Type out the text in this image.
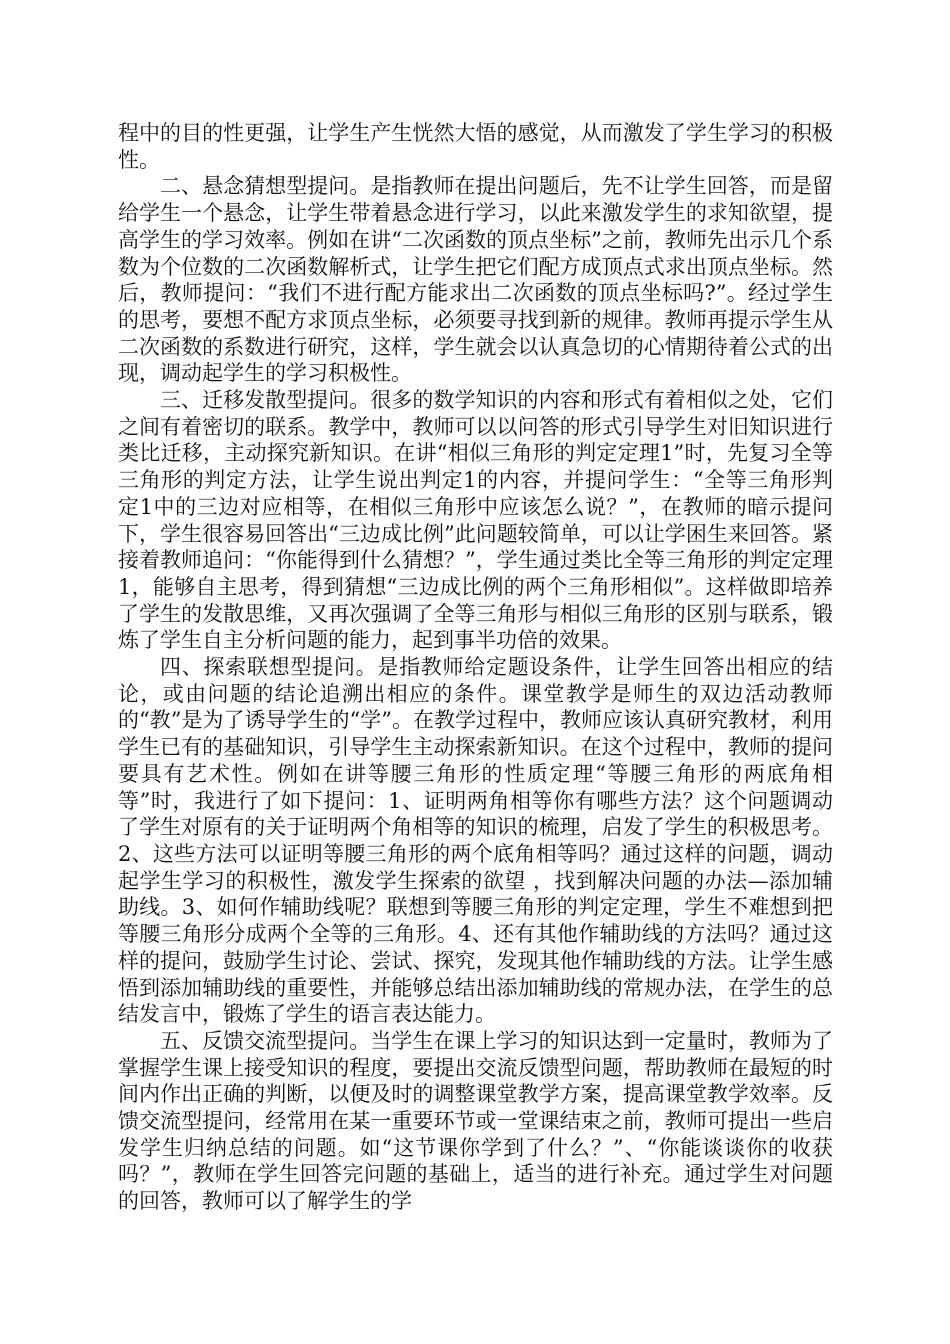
程中的目的性更强，让学生产生恍然大悟的感觉，从而激发了学生学习的积极性。

二、悬念猜想型提问。是指教师在提出问题后，先不让学生回答，而是留给学生一个悬念，让学生带着悬念进行学习，以此来激发学生的求知欲望，提高学生的学习效率。例如在讲“二次函数的顶点坐标”之前，教师先出示几个系数为个位数的二次函数解析式，让学生把它们配方成顶点式求出顶点坐标。然后，教师提问：“我们不进行配方能求出二次函数的顶点坐标吗?”。经过学生的思考，要想不配方求顶点坐标，必须要寻找到新的规律。教师再提示学生从二次函数的系数进行研究，这样，学生就会以认真急切的心情期待着公式的出现，调动起学生的学习积极性。

三、迁移发散型提问。很多的数学知识的内容和形式有着相似之处，它们之间有着密切的联系。教学中，教师可以以问答的形式引导学生对旧知识进行类比迁移，主动探究新知识。在讲“相似三角形的判定定理1”时，先复习全等三角形的判定方法，让学生说出判定1的内容，并提问学生：“全等三角形判定1中的三边对应相等，在相似三角形中应该怎么说？”，在教师的暗示提问下，学生很容易回答出“三边成比例”此问题较简单，可以让学困生来回答。紧接着教师追问：“你能得到什么猜想？”，学生通过类比全等三角形的判定定理1，能够自主思考，得到猜想“三边成比例的两个三角形相似”。这样做即培养了学生的发散思维，又再次强调了全等三角形与相似三角形的区别与联系，锻炼了学生自主分析问题的能力，起到事半功倍的效果。

四、探索联想型提问。是指教师给定题设条件，让学生回答出相应的结论，或由问题的结论追溯出相应的条件。课堂教学是师生的双边活动教师的“教”是为了诱导学生的“学”。在教学过程中，教师应该认真研究教材，利用学生已有的基础知识，引导学生主动探索新知识。在这个过程中，教师的提问要具有艺术性。例如在讲等腰三角形的性质定理“等腰三角形的两底角相等”时，我进行了如下提问：1、证明两角相等你有哪些方法？这个问题调动了学生对原有的关于证明两个角相等的知识的梳理，启发了学生的积极思考。2、这些方法可以证明等腰三角形的两个底角相等吗？通过这样的问题，调动起学生学习的积极性，激发学生探索的欲望 ，找到解决问题的办法—添加辅助线。3、如何作辅助线呢？联想到等腰三角形的判定定理，学生不难想到把等腰三角形分成两个全等的三角形。4、还有其他作辅助线的方法吗？通过这样的提问，鼓励学生讨论、尝试、探究，发现其他作辅助线的方法。让学生感悟到添加辅助线的重要性，并能够总结出添加辅助线的常规办法，在学生的总结发言中，锻炼了学生的语言表达能力。

五、反馈交流型提问。当学生在课上学习的知识达到一定量时，教师为了掌握学生课上接受知识的程度，要提出交流反馈型问题，帮助教师在最短的时间内作出正确的判断，以便及时的调整课堂教学方案，提高课堂教学效率。反馈交流型提问，经常用在某一重要环节或一堂课结束之前，教师可提出一些启发学生归纳总结的问题。如“这节课你学到了什么？”、“你能谈谈你的收获吗？”，教师在学生回答完问题的基础上，适当的进行补充。通过学生对问题的回答，教师可以了解学生的学
